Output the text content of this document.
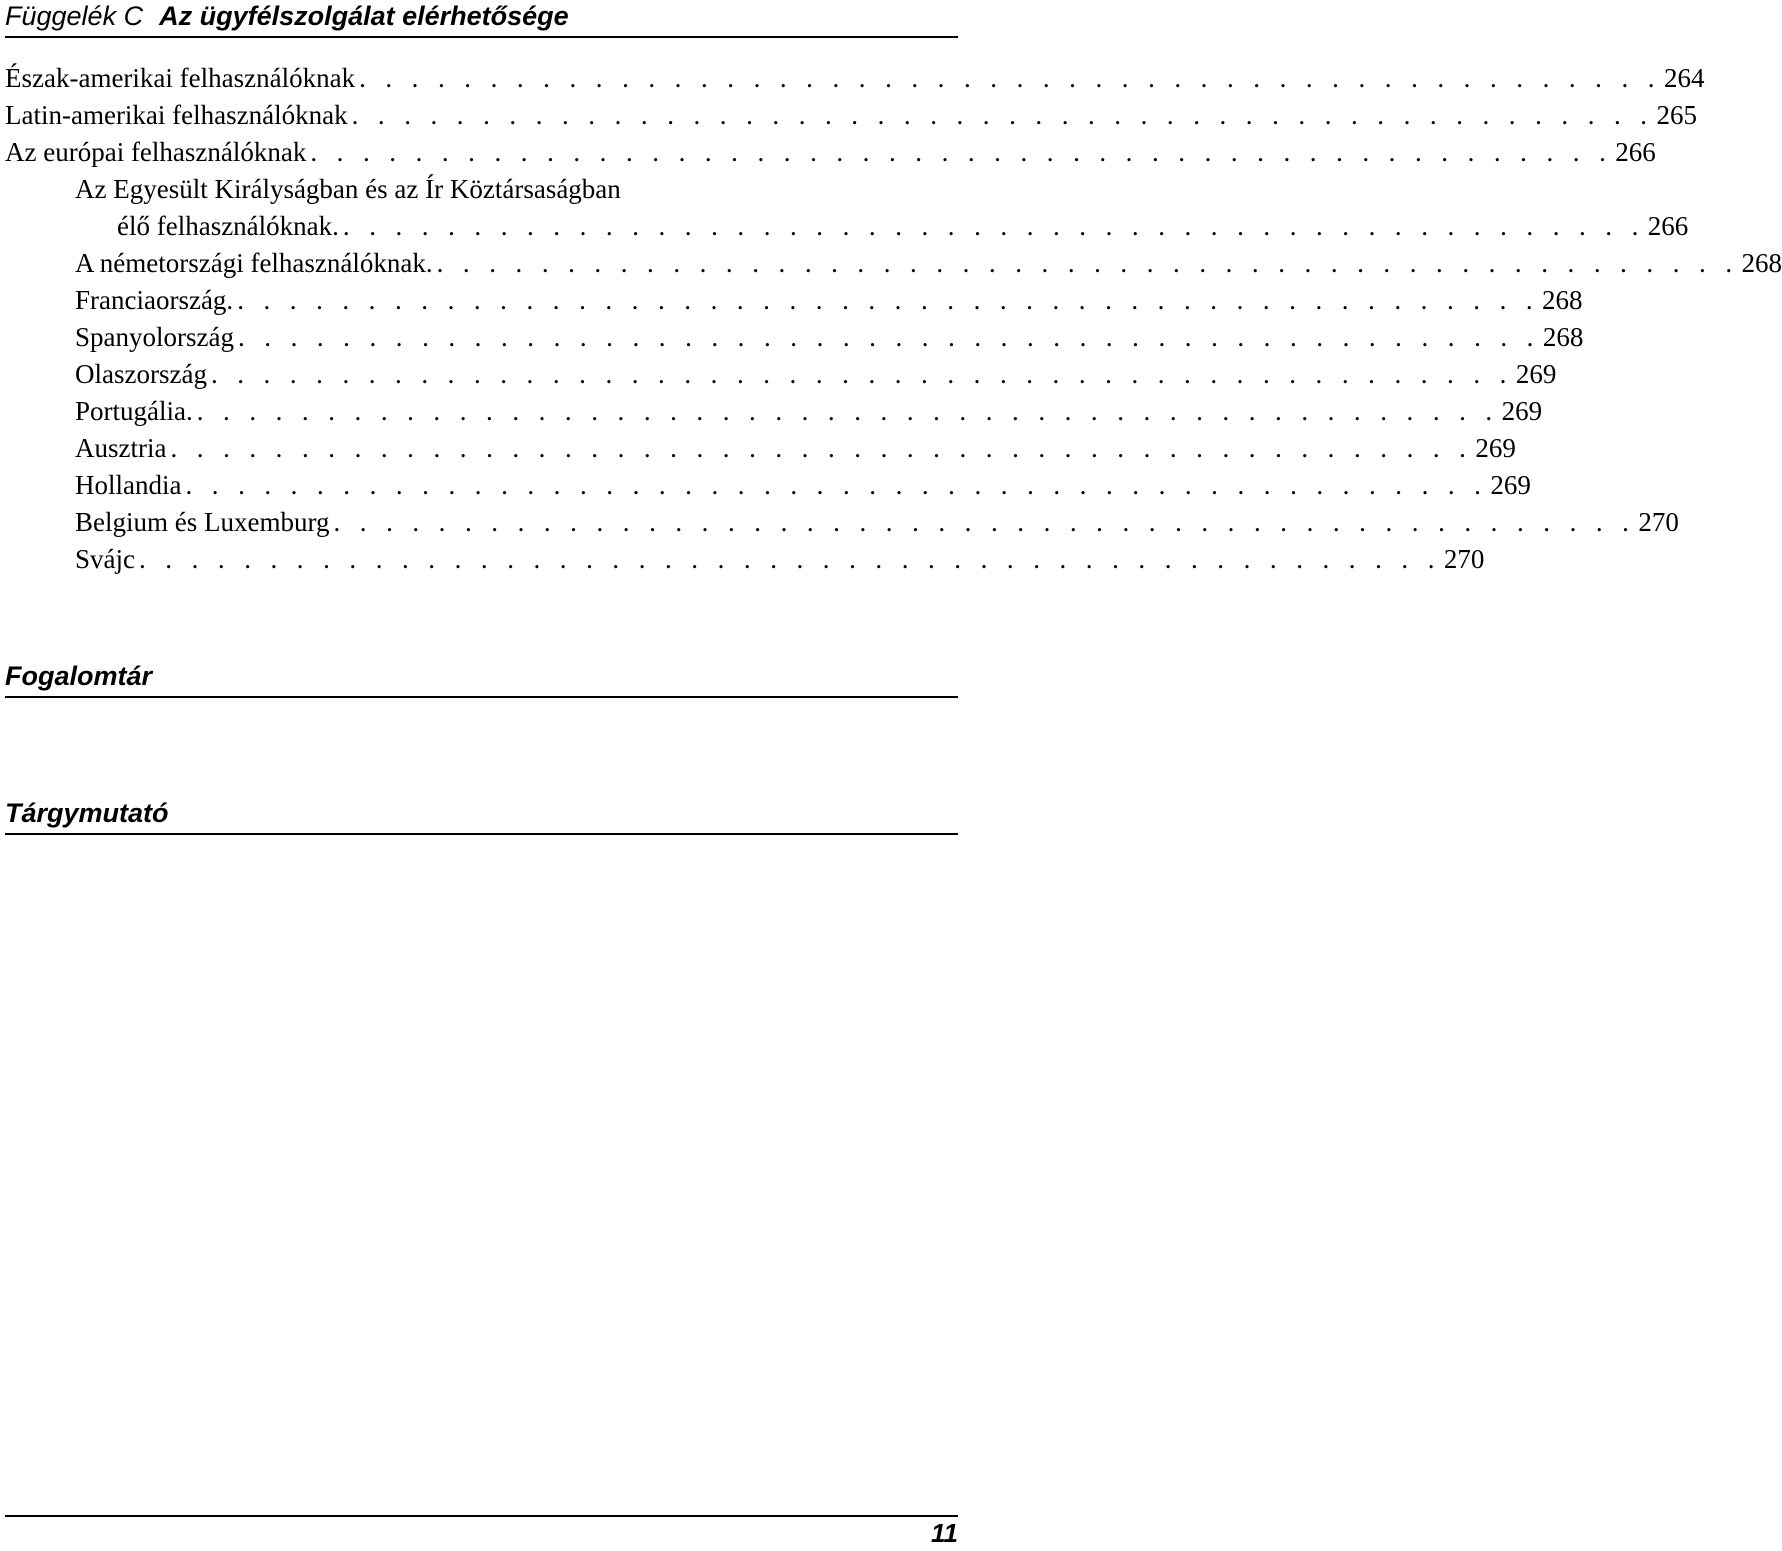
Függelék C Az ügyfélszolgálat elérhetősége
Észak-amerikai felhasználóknak . . . . . . . . . . . . . . . . . . . . . . . . . . . . . . . . . . . . . . . . . . . . . . . . . . 264
Latin-amerikai felhasználóknak . . . . . . . . . . . . . . . . . . . . . . . . . . . . . . . . . . . . . . . . . . . . . . . . . . 265
Az európai felhasználóknak . . . . . . . . . . . . . . . . . . . . . . . . . . . . . . . . . . . . . . . . . . . . . . . . . . 266
Az Egyesült Királyságban és az Ír Köztársaságban
élő felhasználóknak. . . . . . . . . . . . . . . . . . . . . . . . . . . . . . . . . . . . . . . . . . . . . . . . . . . 266
A németországi felhasználóknak. . . . . . . . . . . . . . . . . . . . . . . . . . . . . . . . . . . . . . . . . . . . . . . . . . . 268
Franciaország. . . . . . . . . . . . . . . . . . . . . . . . . . . . . . . . . . . . . . . . . . . . . . . . . . . 268
Spanyolország . . . . . . . . . . . . . . . . . . . . . . . . . . . . . . . . . . . . . . . . . . . . . . . . . . 268
Olaszország . . . . . . . . . . . . . . . . . . . . . . . . . . . . . . . . . . . . . . . . . . . . . . . . . . 269
Portugália. . . . . . . . . . . . . . . . . . . . . . . . . . . . . . . . . . . . . . . . . . . . . . . . . . . 269
Ausztria . . . . . . . . . . . . . . . . . . . . . . . . . . . . . . . . . . . . . . . . . . . . . . . . . . 269
Hollandia . . . . . . . . . . . . . . . . . . . . . . . . . . . . . . . . . . . . . . . . . . . . . . . . . . 269
Belgium és Luxemburg . . . . . . . . . . . . . . . . . . . . . . . . . . . . . . . . . . . . . . . . . . . . . . . . . . 270
Svájc . . . . . . . . . . . . . . . . . . . . . . . . . . . . . . . . . . . . . . . . . . . . . . . . . . 270
Fogalomtár
Tárgymutató
11
